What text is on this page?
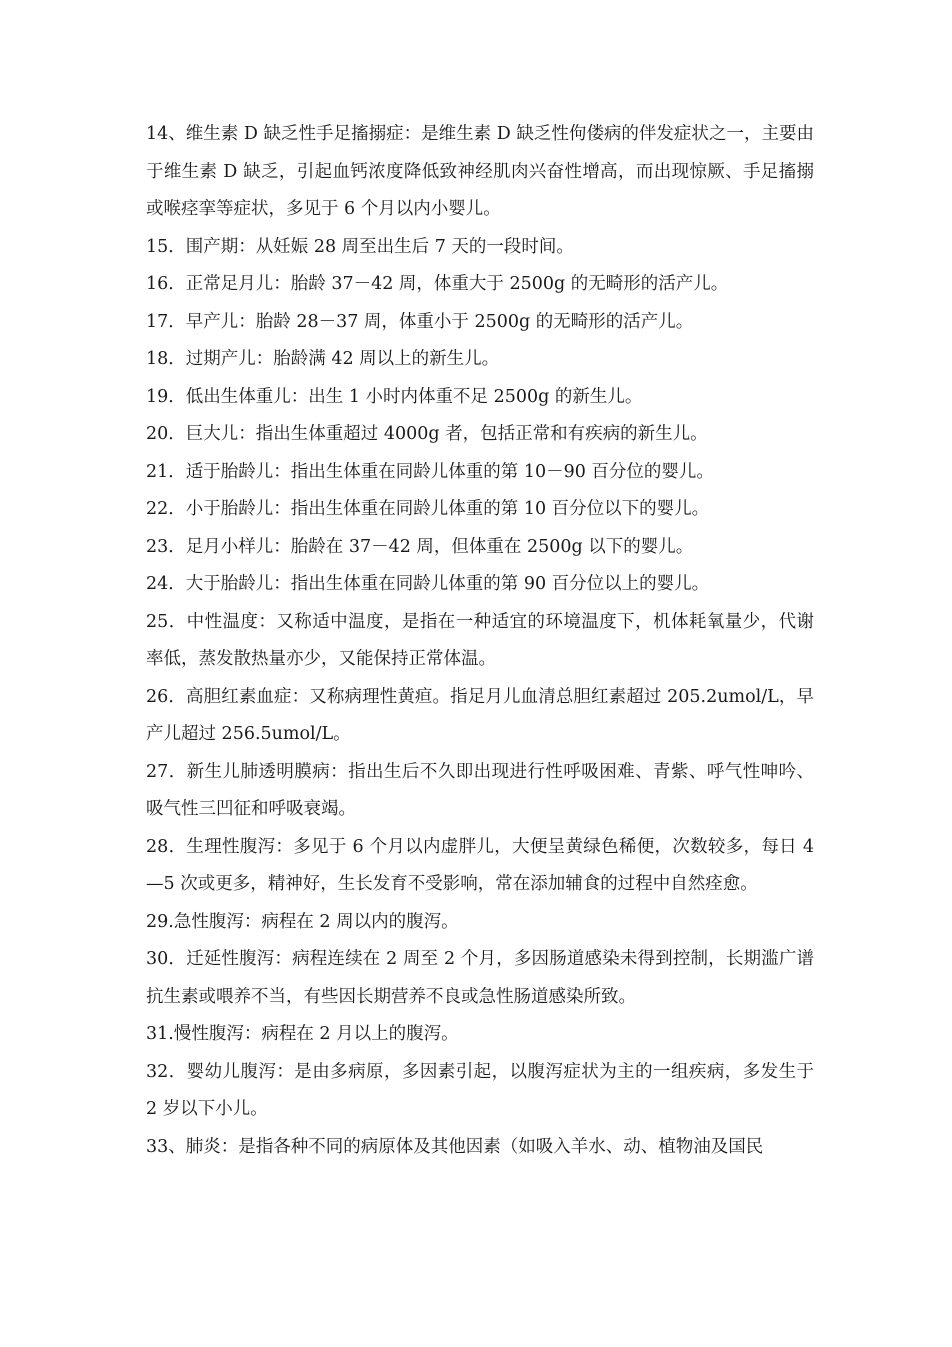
14、维生素 D 缺乏性手足搐搦症：是维生素 D 缺乏性佝偻病的伴发症状之一，主要由于维生素 D 缺乏，引起血钙浓度降低致神经肌肉兴奋性增高，而出现惊厥、手足搐搦或喉痉挛等症状，多见于 6 个月以内小婴儿。

15．围产期：从妊娠 28 周至出生后 7 天的一段时间。

16．正常足月儿：胎龄 37－42 周，体重大于 2500g 的无畸形的活产儿。

17．早产儿：胎龄 28－37 周，体重小于 2500g 的无畸形的活产儿。

18．过期产儿：胎龄满 42 周以上的新生儿。

19．低出生体重儿：出生 1 小时内体重不足 2500g 的新生儿。

20．巨大儿：指出生体重超过 4000g 者，包括正常和有疾病的新生儿。

21．适于胎龄儿：指出生体重在同龄儿体重的第 10－90 百分位的婴儿。

22．小于胎龄儿：指出生体重在同龄儿体重的第 10 百分位以下的婴儿。

23．足月小样儿：胎龄在 37－42 周，但体重在 2500g 以下的婴儿。

24．大于胎龄儿：指出生体重在同龄儿体重的第 90 百分位以上的婴儿。

25．中性温度：又称适中温度，是指在一种适宜的环境温度下，机体耗氧量少，代谢率低，蒸发散热量亦少，又能保持正常体温。

26．高胆红素血症：又称病理性黄疸。指足月儿血清总胆红素超过 205.2umol/L，早产儿超过 256.5umol/L。

27．新生儿肺透明膜病：指出生后不久即出现进行性呼吸困难、青紫、呼气性呻吟、吸气性三凹征和呼吸衰竭。

28．生理性腹泻：多见于 6 个月以内虚胖儿，大便呈黄绿色稀便，次数较多，每日 4—5 次或更多，精神好，生长发育不受影响，常在添加辅食的过程中自然痊愈。

29.急性腹泻：病程在 2 周以内的腹泻。

30．迁延性腹泻：病程连续在 2 周至 2 个月，多因肠道感染未得到控制，长期滥广谱抗生素或喂养不当，有些因长期营养不良或急性肠道感染所致。

31.慢性腹泻：病程在 2 月以上的腹泻。

32．婴幼儿腹泻：是由多病原，多因素引起，以腹泻症状为主的一组疾病，多发生于 2 岁以下小儿。

33、肺炎：是指各种不同的病原体及其他因素（如吸入羊水、动、植物油及国民
